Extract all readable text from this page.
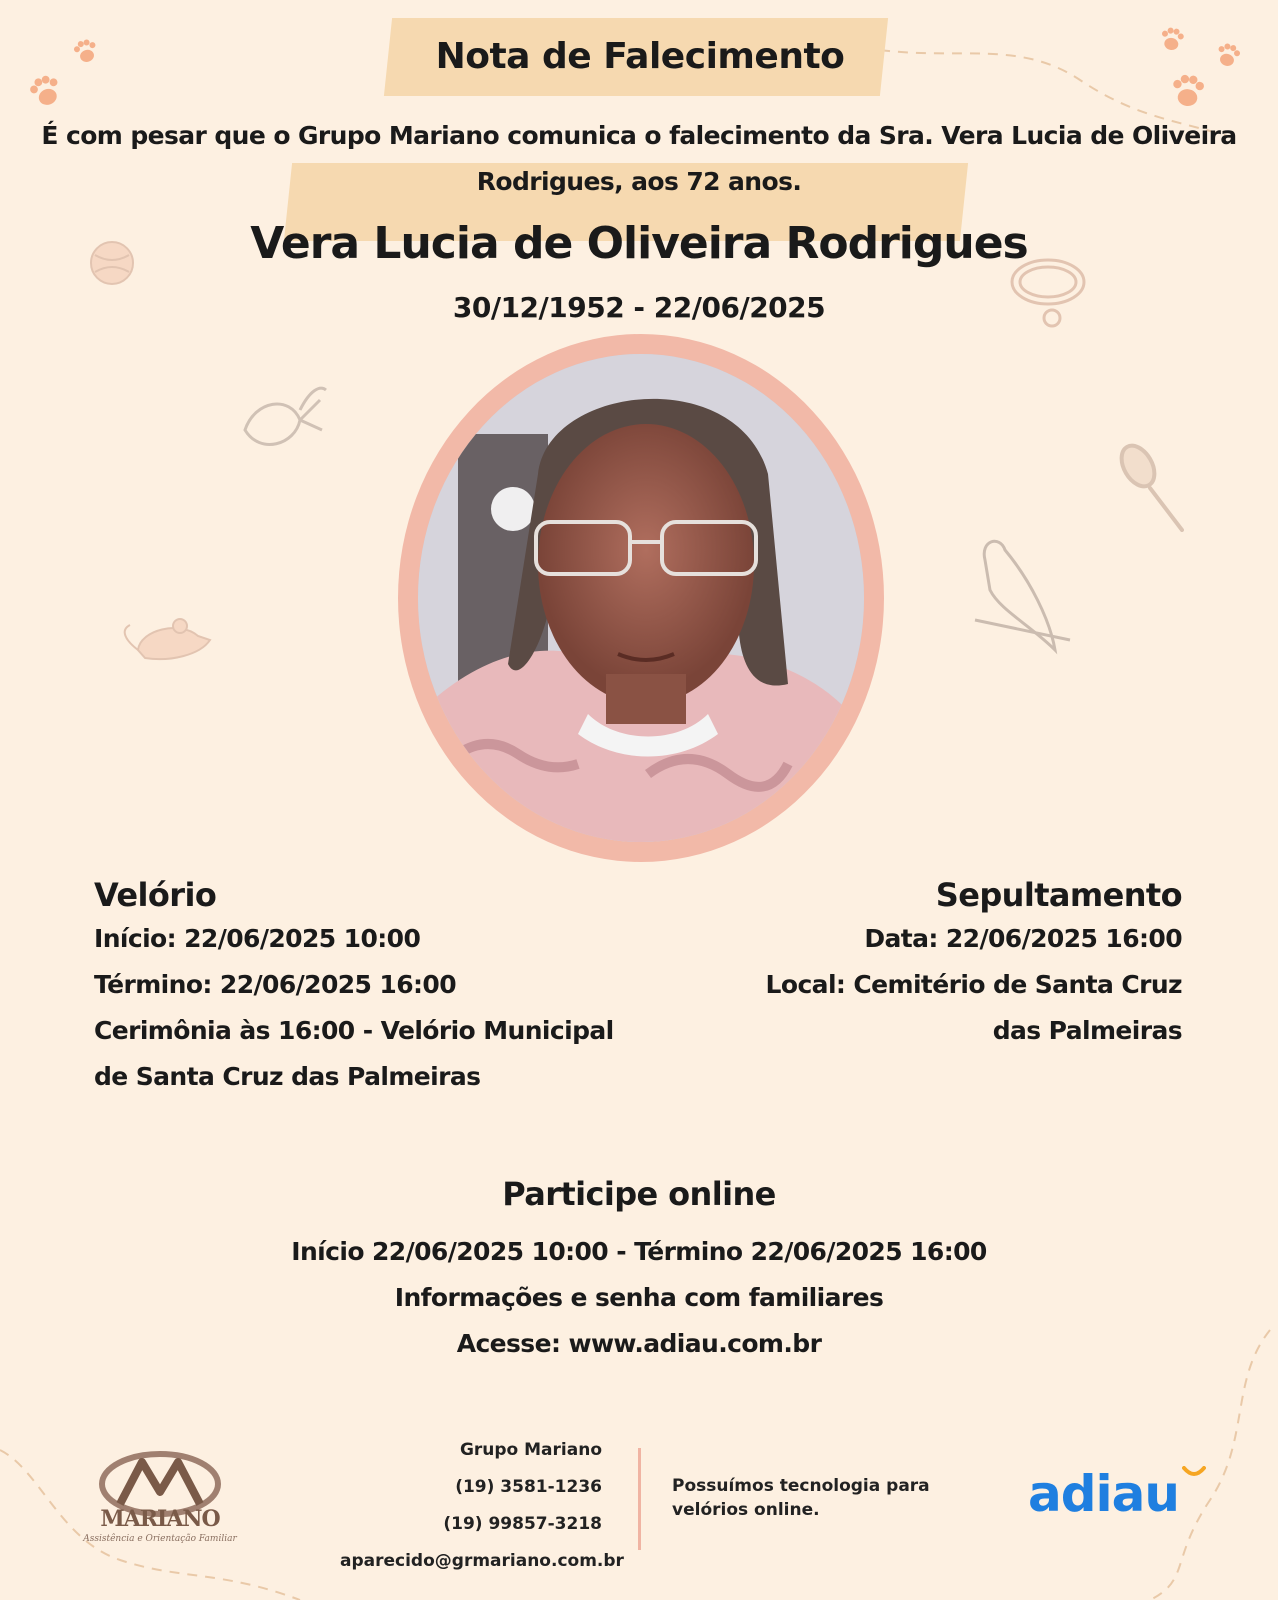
Nota de Falecimento
É com pesar que o Grupo Mariano comunica o falecimento da Sra. Vera Lucia de Oliveira Rodrigues, aos 72 anos.
Vera Lucia de Oliveira Rodrigues
30/12/1952 - 22/06/2025
Velório

Início: 22/06/2025 10:00

Término: 22/06/2025 16:00

Cerimônia às 16:00 - Velório Municipal de Santa Cruz das Palmeiras

Sepultamento

Data: 22/06/2025 16:00

Local: Cemitério de Santa Cruz das Palmeiras

Participe online

Início 22/06/2025 10:00 - Término 22/06/2025 16:00

Informações e senha com familiares

Acesse: www.adiau.com.br

MARIANO
Assistência e Orientação Familiar
Grupo Mariano
(19) 3581-1236
(19) 99857-3218
aparecido@grmariano.com.br
Possuímos tecnologia para velórios online.	adiau
